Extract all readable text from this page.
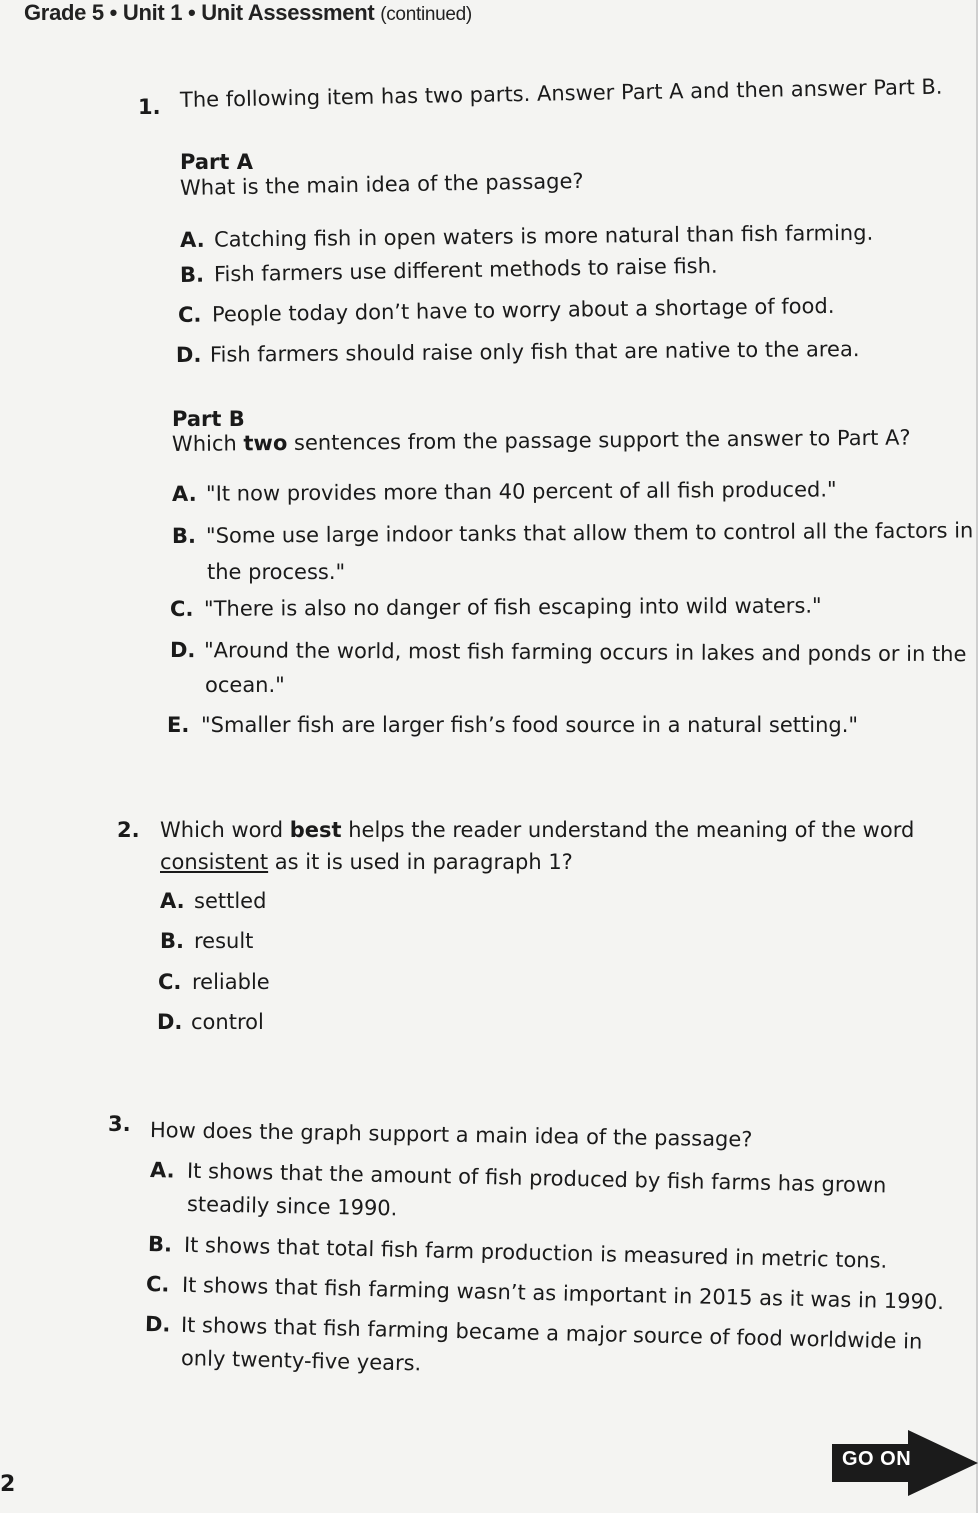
Grade 5 • Unit 1 • Unit Assessment (continued)
1. The following item has two parts. Answer Part A and then answer Part B.
Part A
What is the main idea of the passage?
A. Catching fish in open waters is more natural than fish farming.
B. Fish farmers use different methods to raise fish.
C. People today don’t have to worry about a shortage of food.
D. Fish farmers should raise only fish that are native to the area.
Part B
Which two sentences from the passage support the answer to Part A?
A. "It now provides more than 40 percent of all fish produced."
B. "Some use large indoor tanks that allow them to control all the factors in
the process."
C. "There is also no danger of fish escaping into wild waters."
D. "Around the world, most fish farming occurs in lakes and ponds or in the
ocean."
E. "Smaller fish are larger fish’s food source in a natural setting."
2. Which word best helps the reader understand the meaning of the word
consistent as it is used in paragraph 1?
A. settled
B. result
C. reliable
D. control
3. How does the graph support a main idea of the passage?
A. It shows that the amount of fish produced by fish farms has grown
steadily since 1990.
B. It shows that total fish farm production is measured in metric tons.
C. It shows that fish farming wasn’t as important in 2015 as it was in 1990.
D. It shows that fish farming became a major source of food worldwide in
only twenty-five years.
GO ON
2
